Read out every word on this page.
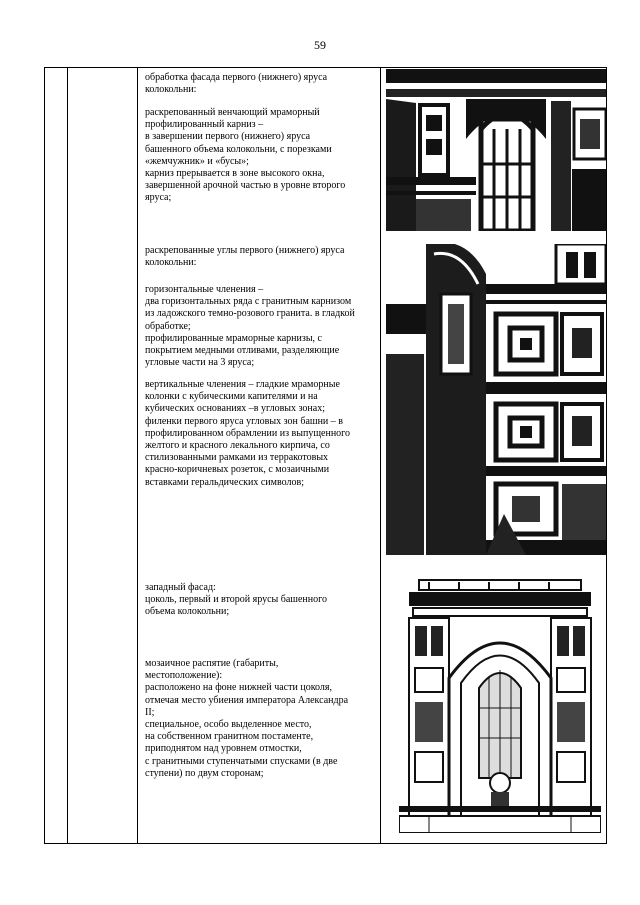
59
обработка фасада первого (нижнего) яруса
колокольни:
раскрепованный венчающий мраморный
профилированный карниз –
в завершении первого (нижнего) яруса
башенного объема колокольни, с порезками
«жемчужник» и «бусы»;
карниз прерывается в зоне высокого окна,
завершенной арочной частью в уровне второго
яруса;
раскрепованные углы первого (нижнего) яруса
колокольни:
горизонтальные членения –
два горизонтальных ряда с гранитным карнизом
из ладожского темно-розового гранита. в гладкой
обработке;
профилированные мраморные карнизы, с
покрытием медными отливами, разделяющие
угловые части на 3 яруса;
вертикальные членения – гладкие мраморные
колонки с кубическими капителями и на
кубических основаниях –в угловых зонах;
филенки первого яруса угловых зон башни – в
профилированном обрамлении из выпущенного
желтого и красного лекального кирпича, со
стилизованными рамками из терракотовых
красно-коричневых розеток, с мозаичными
вставками геральдических символов;
западный фасад:
цоколь, первый и второй ярусы башенного
объема колокольни;
мозаичное распятие (габариты,
местоположение):
расположено на фоне нижней части цоколя,
отмечая место убиения императора Александра
II;
специальное, особо выделенное место,
на собственном гранитном постаменте,
приподнятом над уровнем отмостки,
с гранитными ступенчатыми спусками (в две
ступени) по двум сторонам;
